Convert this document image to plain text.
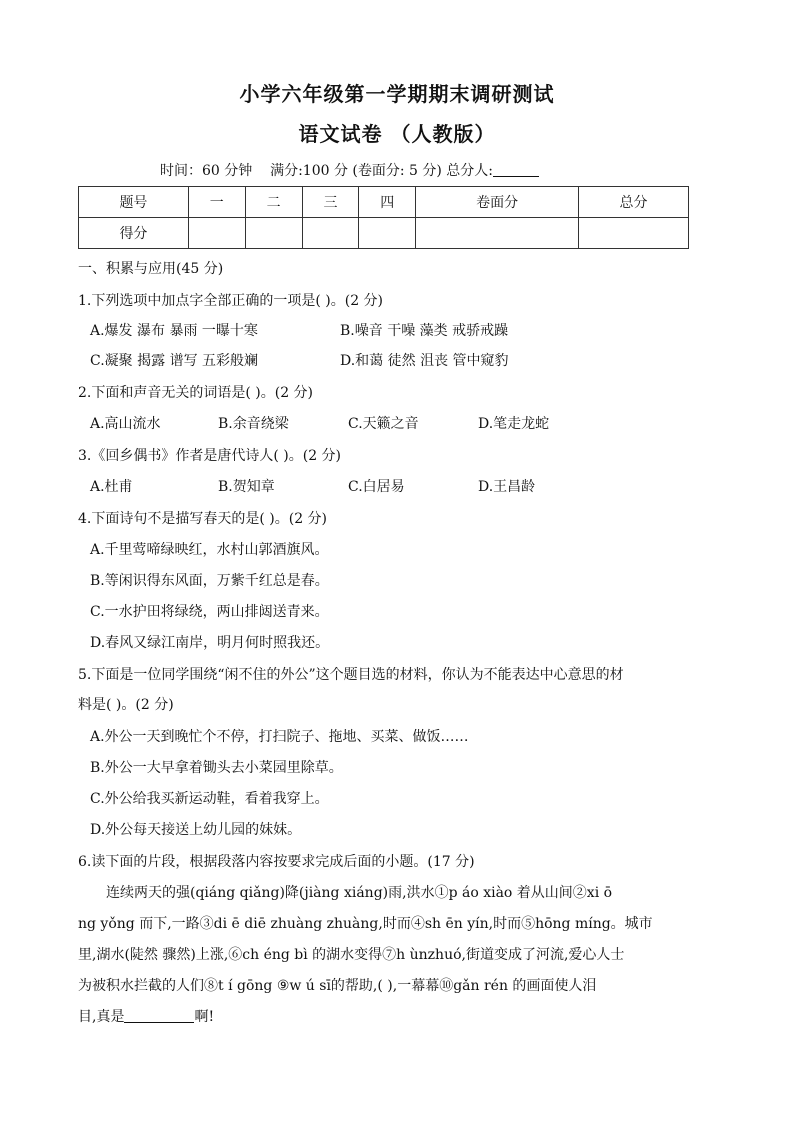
小学六年级第一学期期末调研测试
语文试卷 （人教版）
时间：60 分钟    满分:100 分 (卷面分: 5 分) 总分人:
题号	一	二	三	四	卷面分	总分
得分						
一、积累与应用(45 分)
1.下列选项中加点字全部正确的一项是( )。(2 分)
A.爆发 瀑布 暴雨 一曝十寒	B.噪音 干噪 藻类 戒骄戒躁
C.凝聚 揭露 谱写 五彩般斓	D.和蔼 徒然 沮丧 管中窥豹
2.下面和声音无关的词语是( )。(2 分)
A.高山流水	B.余音绕梁	C.天籁之音	D.笔走龙蛇
3.《回乡偶书》作者是唐代诗人( )。(2 分)
A.杜甫	B.贺知章	C.白居易	D.王昌龄
4.下面诗句不是描写春天的是( )。(2 分)
A.千里莺啼绿映红，水村山郭酒旗风。
B.等闲识得东风面，万紫千红总是春。
C.一水护田将绿绕，两山排闼送青来。
D.春风又绿江南岸，明月何时照我还。
5.下面是一位同学围绕“闲不住的外公”这个题目选的材料，你认为不能表达中心意思的材
料是( )。(2 分)
A.外公一天到晚忙个不停，打扫院子、拖地、买菜、做饭……
B.外公一大早拿着锄头去小菜园里除草。
C.外公给我买新运动鞋，看着我穿上。
D.外公每天接送上幼儿园的妹妹。
6.读下面的片段，根据段落内容按要求完成后面的小题。(17 分)
连续两天的强(qiáng qiǎng)降(jiàng xiáng)雨,洪水①p áo xiào 着从山间②xi ō
ng yǒng 而下,一路③di ē diē zhuàng zhuàng,时而④sh ēn yín,时而⑤hōng míng。城市
里,湖水(陡然 骤然)上涨,⑥ch éng bì 的湖水变得⑦h ùnzhuó,街道变成了河流,爱心人士
为被积水拦截的人们⑧t í gōng ⑨w ú sī的帮助,( ),一幕幕⑩gǎn rén 的画面使人泪
目,真是	啊!
